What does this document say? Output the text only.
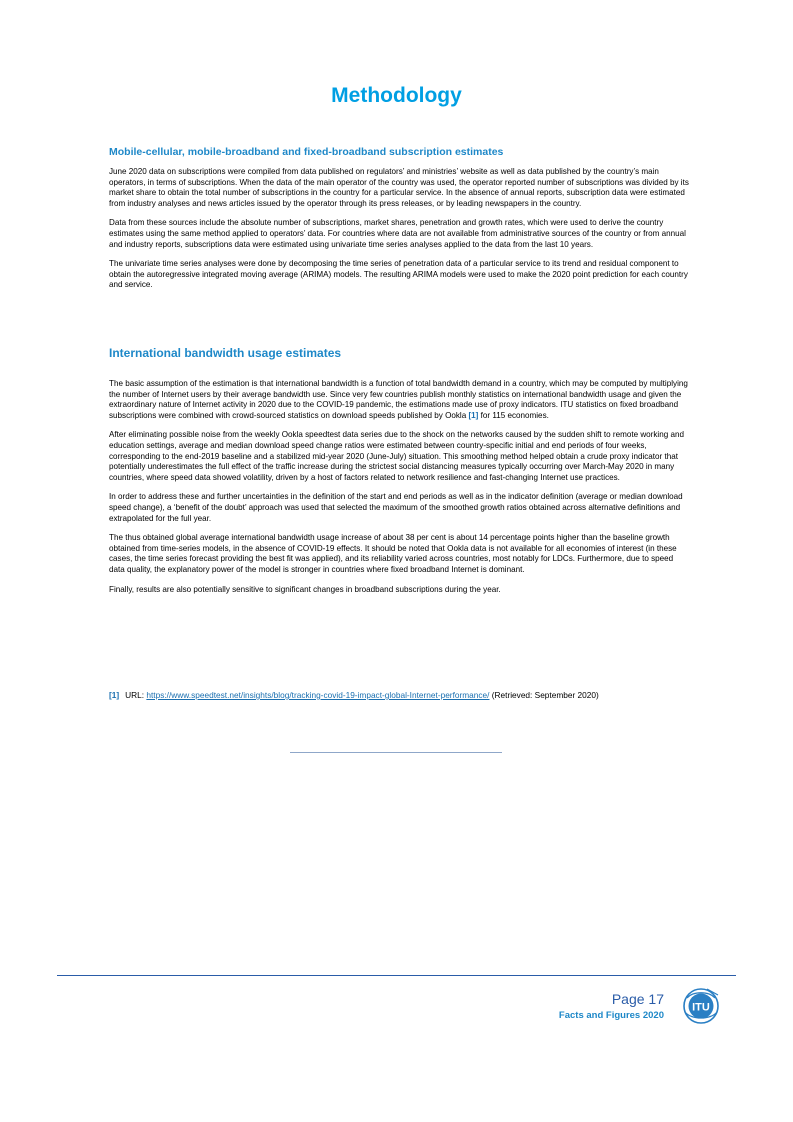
Methodology
Mobile-cellular, mobile-broadband and fixed-broadband subscription estimates

June 2020 data on subscriptions were compiled from data published on regulators’ and ministries’ website as well as data published by the country’s main operators, in terms of subscriptions. When the data of the main operator of the country was used, the operator reported number of subscriptions was divided by its market share to obtain the total number of subscriptions in the country for a particular service. In the absence of annual reports, subscription data were estimated from industry analyses and news articles issued by the operator through its press releases, or by leading newspapers in the country.

Data from these sources include the absolute number of subscriptions, market shares, penetration and growth rates, which were used to derive the country estimates using the same method applied to operators’ data. For countries where data are not available from administrative sources of the country or from annual and industry reports, subscriptions data were estimated using univariate time series analyses applied to the data from the last 10 years.

The univariate time series analyses were done by decomposing the time series of penetration data of a particular service to its trend and residual component to obtain the autoregressive integrated moving average (ARIMA) models. The resulting ARIMA models were used to make the 2020 point prediction for each country and service.

International bandwidth usage estimates

The basic assumption of the estimation is that international bandwidth is a function of total bandwidth demand in a country, which may be computed by multiplying the number of Internet users by their average bandwidth use. Since very few countries publish monthly statistics on international bandwidth usage and given the extraordinary nature of Internet activity in 2020 due to the COVID-19 pandemic, the estimations made use of proxy indicators. ITU statistics on fixed broadband subscriptions were combined with crowd-sourced statistics on download speeds published by Ookla [1] for 115 economies.

After eliminating possible noise from the weekly Ookla speedtest data series due to the shock on the networks caused by the sudden shift to remote working and education settings, average and median download speed change ratios were estimated between country-specific initial and end periods of four weeks, corresponding to the end-2019 baseline and a stabilized mid-year 2020 (June-July) situation. This smoothing method helped obtain a crude proxy indicator that potentially underestimates the full effect of the traffic increase during the strictest social distancing measures typically occurring over March-May 2020 in many countries, where speed data showed volatility, driven by a host of factors related to network resilience and fast-changing Internet use practices.

In order to address these and further uncertainties in the definition of the start and end periods as well as in the indicator definition (average or median download speed change), a ‘benefit of the doubt’ approach was used that selected the maximum of the smoothed growth ratios obtained across alternative definitions and extrapolated for the full year.

The thus obtained global average international bandwidth usage increase of about 38 per cent is about 14 percentage points higher than the baseline growth obtained from time-series models, in the absence of COVID-19 effects. It should be noted that Ookla data is not available for all economies of interest (in these cases, the time series forecast providing the best fit was applied), and its reliability varied across countries, most notably for LDCs. Furthermore, due to speed data quality, the explanatory power of the model is stronger in countries where fixed broadband Internet is dominant.

Finally, results are also potentially sensitive to significant changes in broadband subscriptions during the year.

[1] URL: https://www.speedtest.net/insights/blog/tracking-covid-19-impact-global-Internet-performance/ (Retrieved: September 2020)
Page 17
Facts and Figures 2020
ITU
